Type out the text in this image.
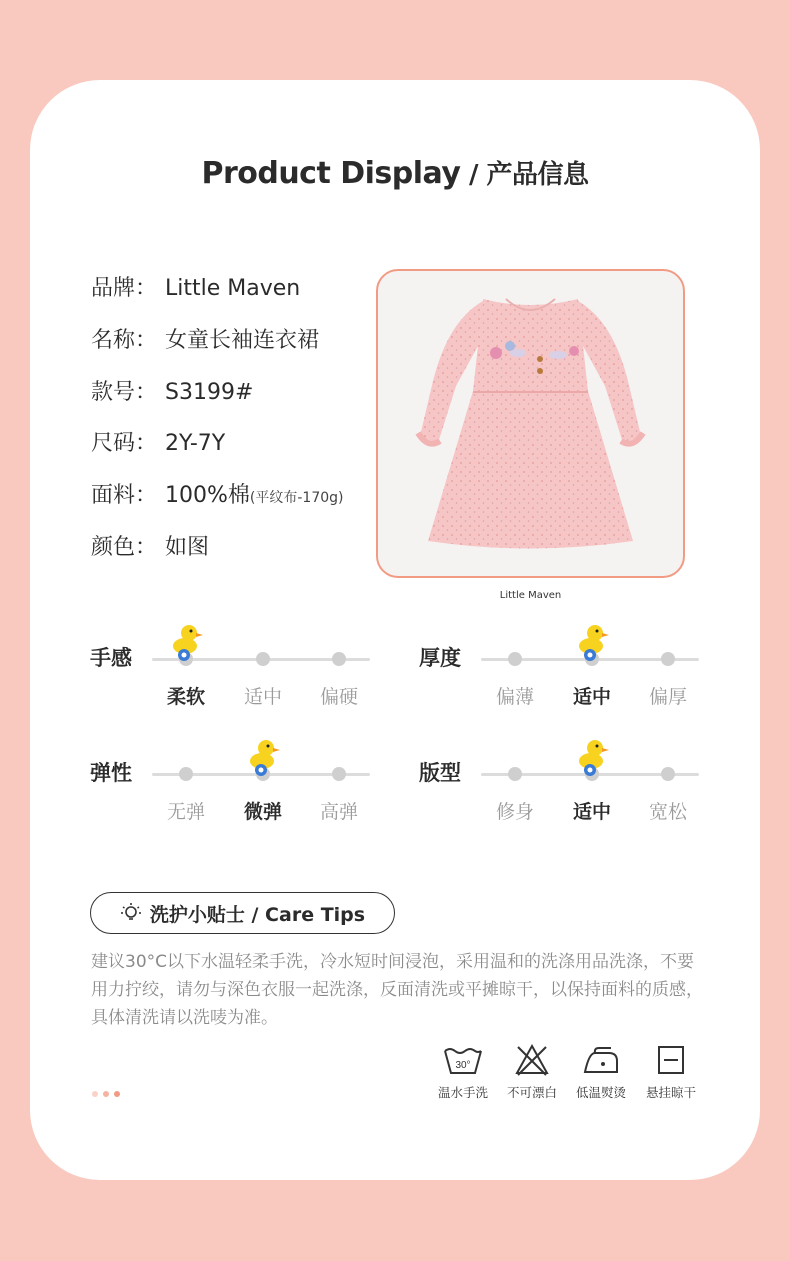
Product Display / 产品信息
品牌： Little Maven
名称： 女童长袖连衣裙
款号： S3199#
尺码： 2Y-7Y
面料： 100%棉(平纹布-170g)
颜色： 如图
Little Maven
手感
柔软	适中	偏硬
厚度
偏薄	适中	偏厚
弹性
无弹	微弹	高弹
版型
修身	适中	宽松
洗护小贴士 / Care Tips
建议30°C以下水温轻柔手洗，冷水短时间浸泡，采用温和的洗涤用品洗涤，不要用力拧绞，请勿与深色衣服一起洗涤，反面清洗或平摊晾干，以保持面料的质感，具体清洗请以洗唛为准。
30°
温水手洗	不可漂白	低温熨烫	悬挂晾干
